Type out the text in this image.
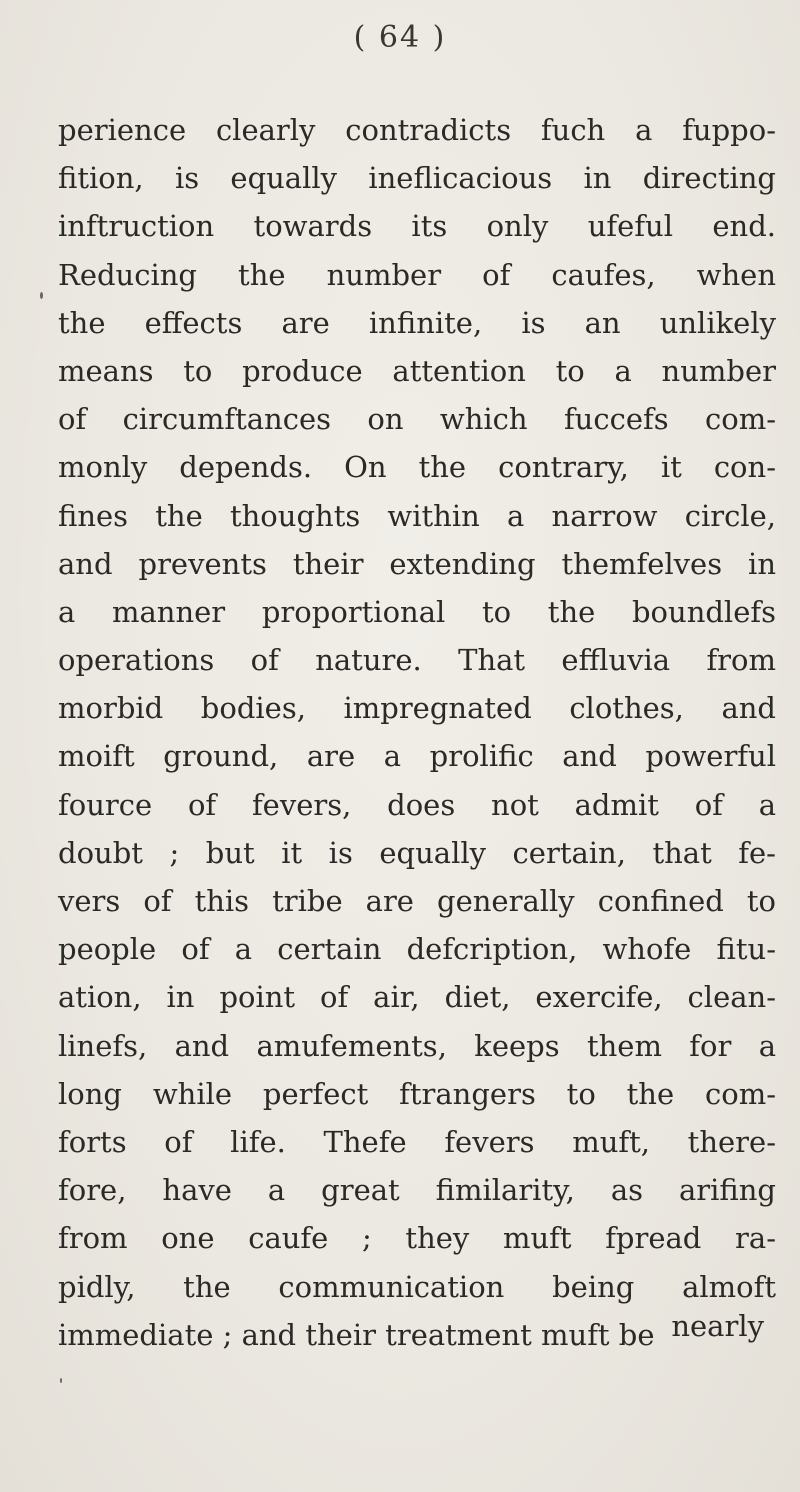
( 64 )
perience clearly contradicts fuch a fuppo-
fition, is equally ineflicacious in directing
inftruction towards its only ufeful end.
Reducing the number of caufes, when
the effects are infinite, is an unlikely
means to produce attention to a number
of circumftances on which fuccefs com-
monly depends. On the contrary, it con-
fines the thoughts within a narrow circle,
and prevents their extending themfelves in
a manner proportional to the boundlefs
operations of nature. That effluvia from
morbid bodies, impregnated clothes, and
moift ground, are a prolific and powerful
fource of fevers, does not admit of a
doubt ; but it is equally certain, that fe-
vers of this tribe are generally confined to
people of a certain defcription, whofe fitu-
ation, in point of air, diet, exercife, clean-
linefs, and amufements, keeps them for a
long while perfect ftrangers to the com-
forts of life. Thefe fevers muft, there-
fore, have a great fimilarity, as arifing
from one caufe ; they muft fpread ra-
pidly, the communication being almoft
immediate ; and their treatment muft be nearly
